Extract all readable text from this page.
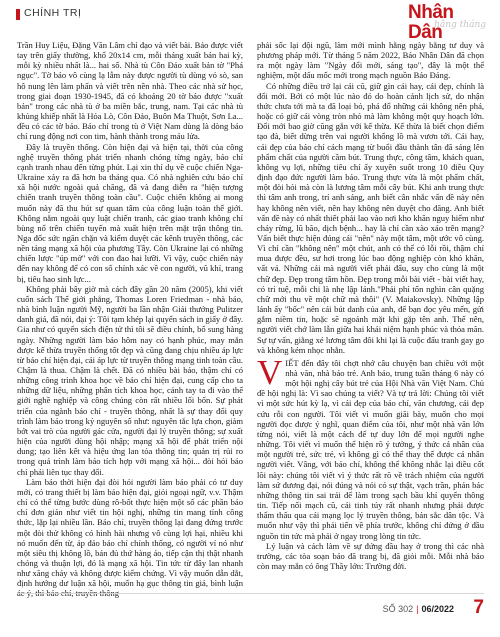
CHÍNH TRỊ	Nhân Dân
hằng tháng

Trần Huy Liệu, Đặng Văn Lâm chỉ đạo và viết bài. Báo được viết tay trên giấy thường, khổ 20x14 cm, mỗi tháng xuất bản hai kỳ, mỗi kỳ nhiều nhất là... hai số. Nhà tù Côn Đảo xuất bản tờ "Phá ngục". Tờ báo vô cùng lạ lẫm này được người tù dùng vỏ sò, san hô nung lên làm phấn và viết trên nền nhà. Theo các nhà sử học, trong giai đoạn 1930-1945, đã có khoảng 20 tờ báo được "xuất bản" trong các nhà tù ở ba miền bắc, trung, nam. Tại các nhà tù khủng khiếp nhất là Hỏa Lò, Côn Đảo, Buôn Ma Thuột, Sơn La... đều có các tờ báo. Báo chí trong tù ở Việt Nam dùng là dòng báo chí rung động nơi con tim, hành thành trong máu lửa.

Đây là truyền thống. Còn hiện đại và hiện tại, thời của công nghệ truyền thông phát triển nhanh chóng từng ngày, báo chí cạnh tranh nhau đến từng phút. Lại xin thí dụ về cuộc chiến Nga-Ukraine xảy ra đã hơn ba tháng qua. Có nhà nghiên cứu báo chí xã hội nước ngoài quả chăng, đã và đang diễn ra "hiện tượng chiến tranh truyền thông toàn cầu". Cuộc chiến không ai mong muốn này đã thu hút sự quan tâm của công luận toàn thế giới. Không nằm ngoài quy luật chiến tranh, các giao tranh không chỉ bùng nổ trên chiến tuyến mà xuất hiện trên mặt trận thông tin. Nga đốc sức ngăn chặn và kiểm duyệt các kênh truyền thông, các nền tảng mạng xã hội của phương Tây. Còn Ukraine lại có những chiến lược "úp mở" với con đao hai lưỡi. Vì vậy, cuộc chiến này đến nay không để có con số chính xác về con người, vũ khí, trang bị, tiêu hao sinh lực...

Không phải bây giờ mà cách đây gần 20 năm (2005), khi viết cuốn sách Thế giới phẳng, Thomas Loren Friedman - nhà báo, nhà bình luận người Mỹ, người ba lần nhận Giải thưởng Pulitzer danh giá, đã nói, đại ý: Tôi tạm khép lại quyển sách in giấy ở đây. Gia như có quyển sách điện tử thì tôi sẽ điều chỉnh, bổ sung hàng ngày. Những người làm báo hôm nay có hạnh phúc, may mắn được kế thừa truyền thống tốt đẹp và cũng đang chịu nhiều áp lực từ báo chí hiện đại, cái áp lực từ truyền thông mạng tinh toàn cầu. Chậm là thua. Chậm là chết. Đã có nhiều bài báo, thậm chí có những công trình khoa học về báo chí hiện đại, cung cấp cho ta những dữ liệu, những phân tích khoa học, cảnh tay ta đi vào thế giới nghề nghiệp và công chúng còn rất nhiều lối bốn. Sự phát triển của ngành báo chí - truyền thông, nhất là sự thay đổi quy trình làm báo trong kỷ nguyên số như: nguyên tắc lựa chọn, giảm bớt vai trò của người gác cửa, người đại lý truyền thông; sự xuất hiện của người dùng hội nhập; mạng xã hội để phát triển nội dung; tạo liên kết và hiệu ứng lan tỏa thông tin; quản trị rủi ro trong quá trình làm báo tích hợp với mạng xã hội... đòi hỏi báo chí phải liên tục thay đổi.

Làm báo thời hiện đại đòi hỏi người làm báo phải có tư duy mới, có trang thiết bị làm báo hiện đại, giỏi ngoại ngữ, v.v. Thậm chí có thể từng bước dùng rô-bốt thực hiện một số các phần báo chí đơn giản như viết tin hội nghị, những tin mang tính công thức, lặp lại nhiều lần. Báo chí, truyền thông lại đang đứng trước một đòi thử không có hình hài nhưng vô cùng lợi hại, nhiều khi nó muốn đến từ, áp đảo báo chí chính thống, có người ví nó như một siêu thị không lồ, bán đủ thứ hàng áo, tiếp cận thị thật nhanh chóng và thuận lợi, đó là mạng xã hội. Tin tức từ đây lan nhanh như xăng cháy và không được kiểm chứng. Vì vậy muốn dẫn dắt, định hướng dư luận xã hội, muốn hạ gục thông tin giả, bình luận

phải sốc lại đội ngũ, làm mới mình hằng ngày bằng tư duy và phương pháp mới. Từ tháng 5 năm 2022, Báo Nhân Dân đã chọn ra một ngày làm "Ngày đổi mới, sáng tạo", đây là một thể nghiệm, một dấu mốc mới trong mạch nguồn Báo Đảng.

Có những điều trở lại cái cũ, giữ gìn cái hay, cái đẹp, chính là đổi mới. Bởi có một lúc nào đó do hoàn cảnh lịch sử, do nhận thức chưa tới mà ta đã loại bỏ, phá đổ những cái không nên phá, hoặc có giữ cái vòng tròn nhỏ mà làm không một quy hoạch lớn. Đổi mới bao giờ cũng gắn với kế thừa. Kế thừa là biết chọn điểm tạo đà, biết dừng trên vai người khổng lồ mà vươn tới. Cái hay, cái đẹp của báo chí cách mạng từ buổi đầu thành tân đã sáng lên phẩm chất của người cầm bút. Trung thực, công tâm, khách quan, không vụ lợi, những tiêu chí ấy xuyên suốt trong 10 điều Quy định đạo đức người làm báo. Trung thực vừa là một phẩm chất, một đòi hỏi mà còn là lương tâm mỗi cây bút. Khi anh trung thực thì tâm anh trong, trí anh sáng, anh biết cân nhắc vấn đề này nên hay không nên viết, nên hay không nên duyệt cho đăng. Anh biết vấn đề này có nhất thiết phải lao vào nơi kho khăn nguy hiểm như cháy rừng, lũ bão, dịch bệnh... hay là chỉ cần xào xáo trên mạng? Vấn biết thực hiện đúng cái "nên" này một tâm, một ước vô cùng. Vì chỉ cần "không nên" một chút, anh có thể có lỗi rồi, thậm chí mua được đều, sư hơi trong lúc bao động nghiệp còn khó khăn, vất vả. Những cái mà người viết phải đẩu, suy cho cùng là một chữ đẹp. Đẹp trong tâm hồn. Đẹp trong mỗi bài viết - bài viết hay, có trí tuệ, mỗi chi là nhẹ lập lánh."Phải phí tốn nghìn cân quặng chữ mới thu về một chữ mà thôi" (V. Maiakovsky). Những lập lánh ấy "bốc" nên cái bút danh của anh, để bạn đọc yêu mến, gửi gắm niềm tin, hoặc sẽ ngoảnh mặt khi gặp tên anh. Thế nên, người viết chớ làm lẫn giữa hai khái niệm hạnh phúc và thỏa mãn. Sự tự vấn, giằng xé lương tâm đôi khi lại là cuộc đấu tranh gay go và không kém nhọc nhằn.

VIẾT đến đây tôi chợt nhớ câu chuyện ban chiều với một nhà văn, nhà báo trẻ. Anh bảo, trung tuần tháng 6 này có một hội nghị cây bút trẻ của Hội Nhà văn Việt Nam. Chủ đề hội nghị là: Vì sao chúng ta viết? Và tự trả lời: Chúng tôi viết vì một sức hút kỳ lạ, vì cái đẹp của báo chí, văn chương, cái đẹp cứu rỗi con người. Tôi viết vì muốn giãi bày, muốn cho mọi người đọc được ý nghĩ, quan điểm của tôi, như một nhà văn lớn từng nói, viết là một cách để tự duy lớn để mọi người nghe những. Tôi viết vì muốn thể hiện rõ ý tưởng, ý thức cá nhân của một người trẻ, sức trẻ, vì không gì có thể thay thế được cá nhân người viết. Vâng, với báo chí, không thể không nhắc lại điều cốt lõi này: chúng tôi viết vì ý thức rất rõ về trách nhiệm của người làm sứ đương đại, nói đúng và nói có sự thật, vạch trần, phản bác những thông tin sai trái để làm trong sạch bầu khí quyển thông tin. Tiếp nối mạch cũ, cái tinh túy rất nhanh nhưng phải được thẩm thấu qua cái mạng lọc lý truyền thông, bản sắc dân tộc. Và muốn như vậy thì phải tiến về phía trước, không chỉ đứng ở đầu nguồn tin tức mà phải ở ngay trong lòng tin tức.

Lý luận và cách làm về sự đứng đầu hay ở trong thì các nhà trường, các tòa soạn báo đã trang bị, đã giỏi mỗi. Mỗi nhà báo còn may mắn có ông Thầy lớn: Trường đời.

SỐ 302 | 06/2022 7
